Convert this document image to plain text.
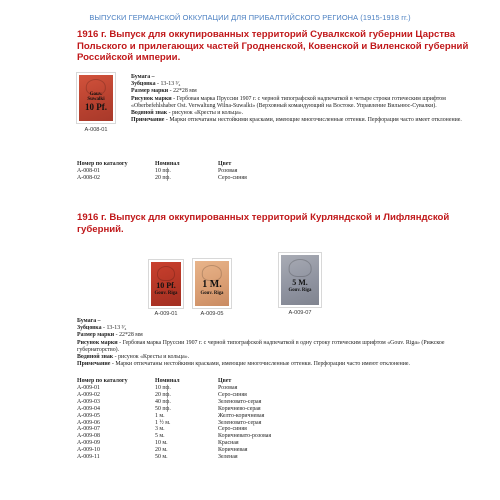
ВЫПУСКИ ГЕРМАНСКОЙ ОККУПАЦИИ ДЛЯ ПРИБАЛТИЙСКОГО РЕГИОНА (1915-1918 гг.)
1916 г. Выпуск для оккупированных территорий Сувалкской губернии Царства Польского и прилегающих частей Гродненской, Ковенской и Виленской губерний Российской империи.
Gouv.
Suwalki
10 Pf.
A-008-01
Бумага –
Зубцовка - 13-13 ³⁄₄
Размер марки - 22*28 мм
Рисунок марки - Гербовая марка Пруссии 1907 г. с черной типографской надпечаткой в четыре строки готическим шрифтом «Oberbefehlshaber Ost. Verwaltung Wilna-Suwalki» (Верховный командующий на Востоке. Управление Вильнюс-Сувалки).
Водяной знак - рисунок «Кресты и кольца».
Примечание - Марки отпечатаны нестойкими красками, имеющие многочисленные оттенки. Перфорация часто имеет отклонение.
Номер по каталогу	Номинал	Цвет
A-008-01	10 пф.	Розовая
A-008-02	20 пф.	Серо-синяя
1916 г. Выпуск для оккупированных территорий Курляндской и Лифляндской губерний.
10 Pf.
Gouv. Riga
1 M.
Gouv. Riga
5 M.
Gouv. Riga
A-009-01	A-009-05	A-009-07
Бумага –
Зубцовка - 13-13 ³⁄₄
Размер марки - 22*28 мм
Рисунок марки - Гербовая марка Пруссии 1907 г. с черной типографской надпечаткой в одну строку готическим шрифтом «Gouv. Riga» (Рижское губернаторство).
Водяной знак - рисунок «Кресты и кольца».
Примечание - Марки отпечатаны нестойкими красками, имеющие многочисленные оттенки. Перфорации часто имеют отклонение.
Номер по каталогу	Номинал	Цвет
A-009-01	10 пф.	Розовая
A-009-02	20 пф.	Серо-синяя
A-009-03	40 пф.	Зеленовато-серая
A-009-04	50 пф.	Коричнево-серая
A-009-05	1 м.	Желто-коричневая
A-009-06	1 ½ м.	Зеленовато-серая
A-009-07	3 м.	Серо-синяя
A-009-08	5 м.	Коричневато-розовая
A-009-09	10 м.	Красная
A-009-10	20 м.	Коричневая
A-009-11	50 м.	Зеленая
